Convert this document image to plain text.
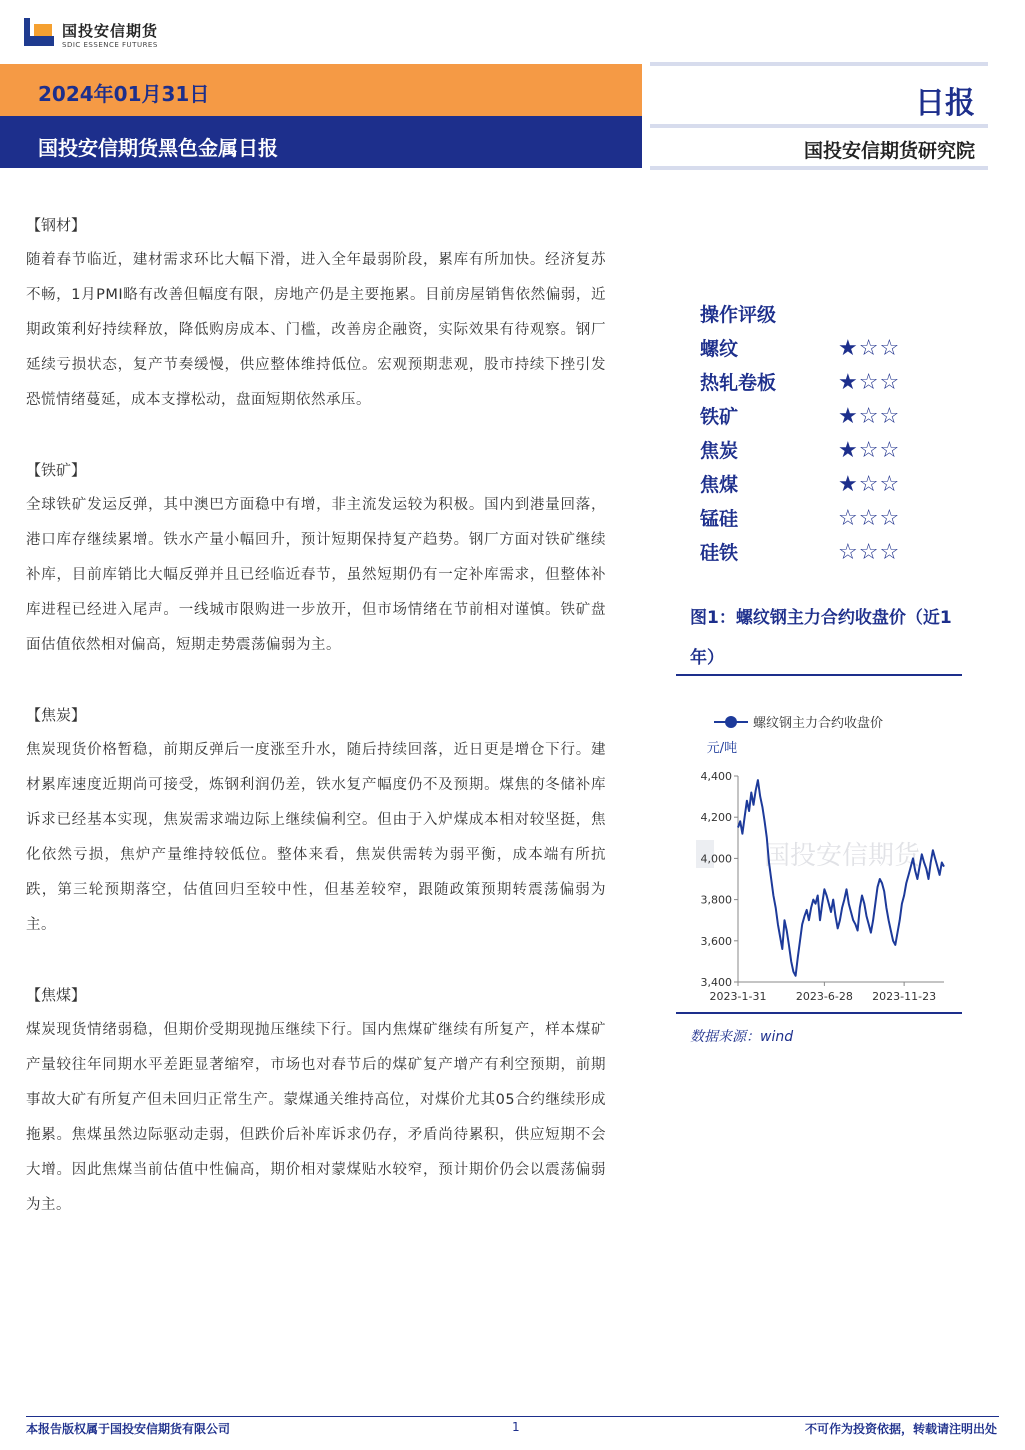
国投安信期货
SDIC ESSENCE FUTURES
2024年01月31日
国投安信期货黑色金属日报
日报
国投安信期货研究院

【钢材】

随着春节临近，建材需求环比大幅下滑，进入全年最弱阶段，累库有所加快。经济复苏不畅，1月PMI略有改善但幅度有限，房地产仍是主要拖累。目前房屋销售依然偏弱，近期政策利好持续释放，降低购房成本、门槛，改善房企融资，实际效果有待观察。钢厂延续亏损状态，复产节奏缓慢，供应整体维持低位。宏观预期悲观，股市持续下挫引发恐慌情绪蔓延，成本支撑松动，盘面短期依然承压。

【铁矿】

全球铁矿发运反弹，其中澳巴方面稳中有增，非主流发运较为积极。国内到港量回落，港口库存继续累增。铁水产量小幅回升，预计短期保持复产趋势。钢厂方面对铁矿继续补库，目前库销比大幅反弹并且已经临近春节，虽然短期仍有一定补库需求，但整体补库进程已经进入尾声。一线城市限购进一步放开，但市场情绪在节前相对谨慎。铁矿盘面估值依然相对偏高，短期走势震荡偏弱为主。

【焦炭】

焦炭现货价格暂稳，前期反弹后一度涨至升水，随后持续回落，近日更是增仓下行。建材累库速度近期尚可接受，炼钢利润仍差，铁水复产幅度仍不及预期。煤焦的冬储补库诉求已经基本实现，焦炭需求端边际上继续偏利空。但由于入炉煤成本相对较坚挺，焦化依然亏损，焦炉产量维持较低位。整体来看，焦炭供需转为弱平衡，成本端有所抗跌，第三轮预期落空，估值回归至较中性，但基差较窄，跟随政策预期转震荡偏弱为主。

【焦煤】

煤炭现货情绪弱稳，但期价受期现抛压继续下行。国内焦煤矿继续有所复产，样本煤矿产量较往年同期水平差距显著缩窄，市场也对春节后的煤矿复产增产有利空预期，前期事故大矿有所复产但未回归正常生产。蒙煤通关维持高位，对煤价尤其05合约继续形成拖累。焦煤虽然边际驱动走弱，但跌价后补库诉求仍存，矛盾尚待累积，供应短期不会大增。因此焦煤当前估值中性偏高，期价相对蒙煤贴水较窄，预计期价仍会以震荡偏弱为主。

操作评级
螺纹	★☆☆
热轧卷板	★☆☆
铁矿	★☆☆
焦炭	★☆☆
焦煤	★☆☆
锰硅	☆☆☆
硅铁	☆☆☆
图1：螺纹钢主力合约收盘价（近1年）
国投安信期货
螺纹钢主力合约收盘价
元/吨
4,400
4,200
4,000
3,800
3,600
3,400
2023-1-31	2023-6-28 2023-11-23
数据来源：wind
本报告版权属于国投安信期货有限公司	1	不可作为投资依据，转载请注明出处
